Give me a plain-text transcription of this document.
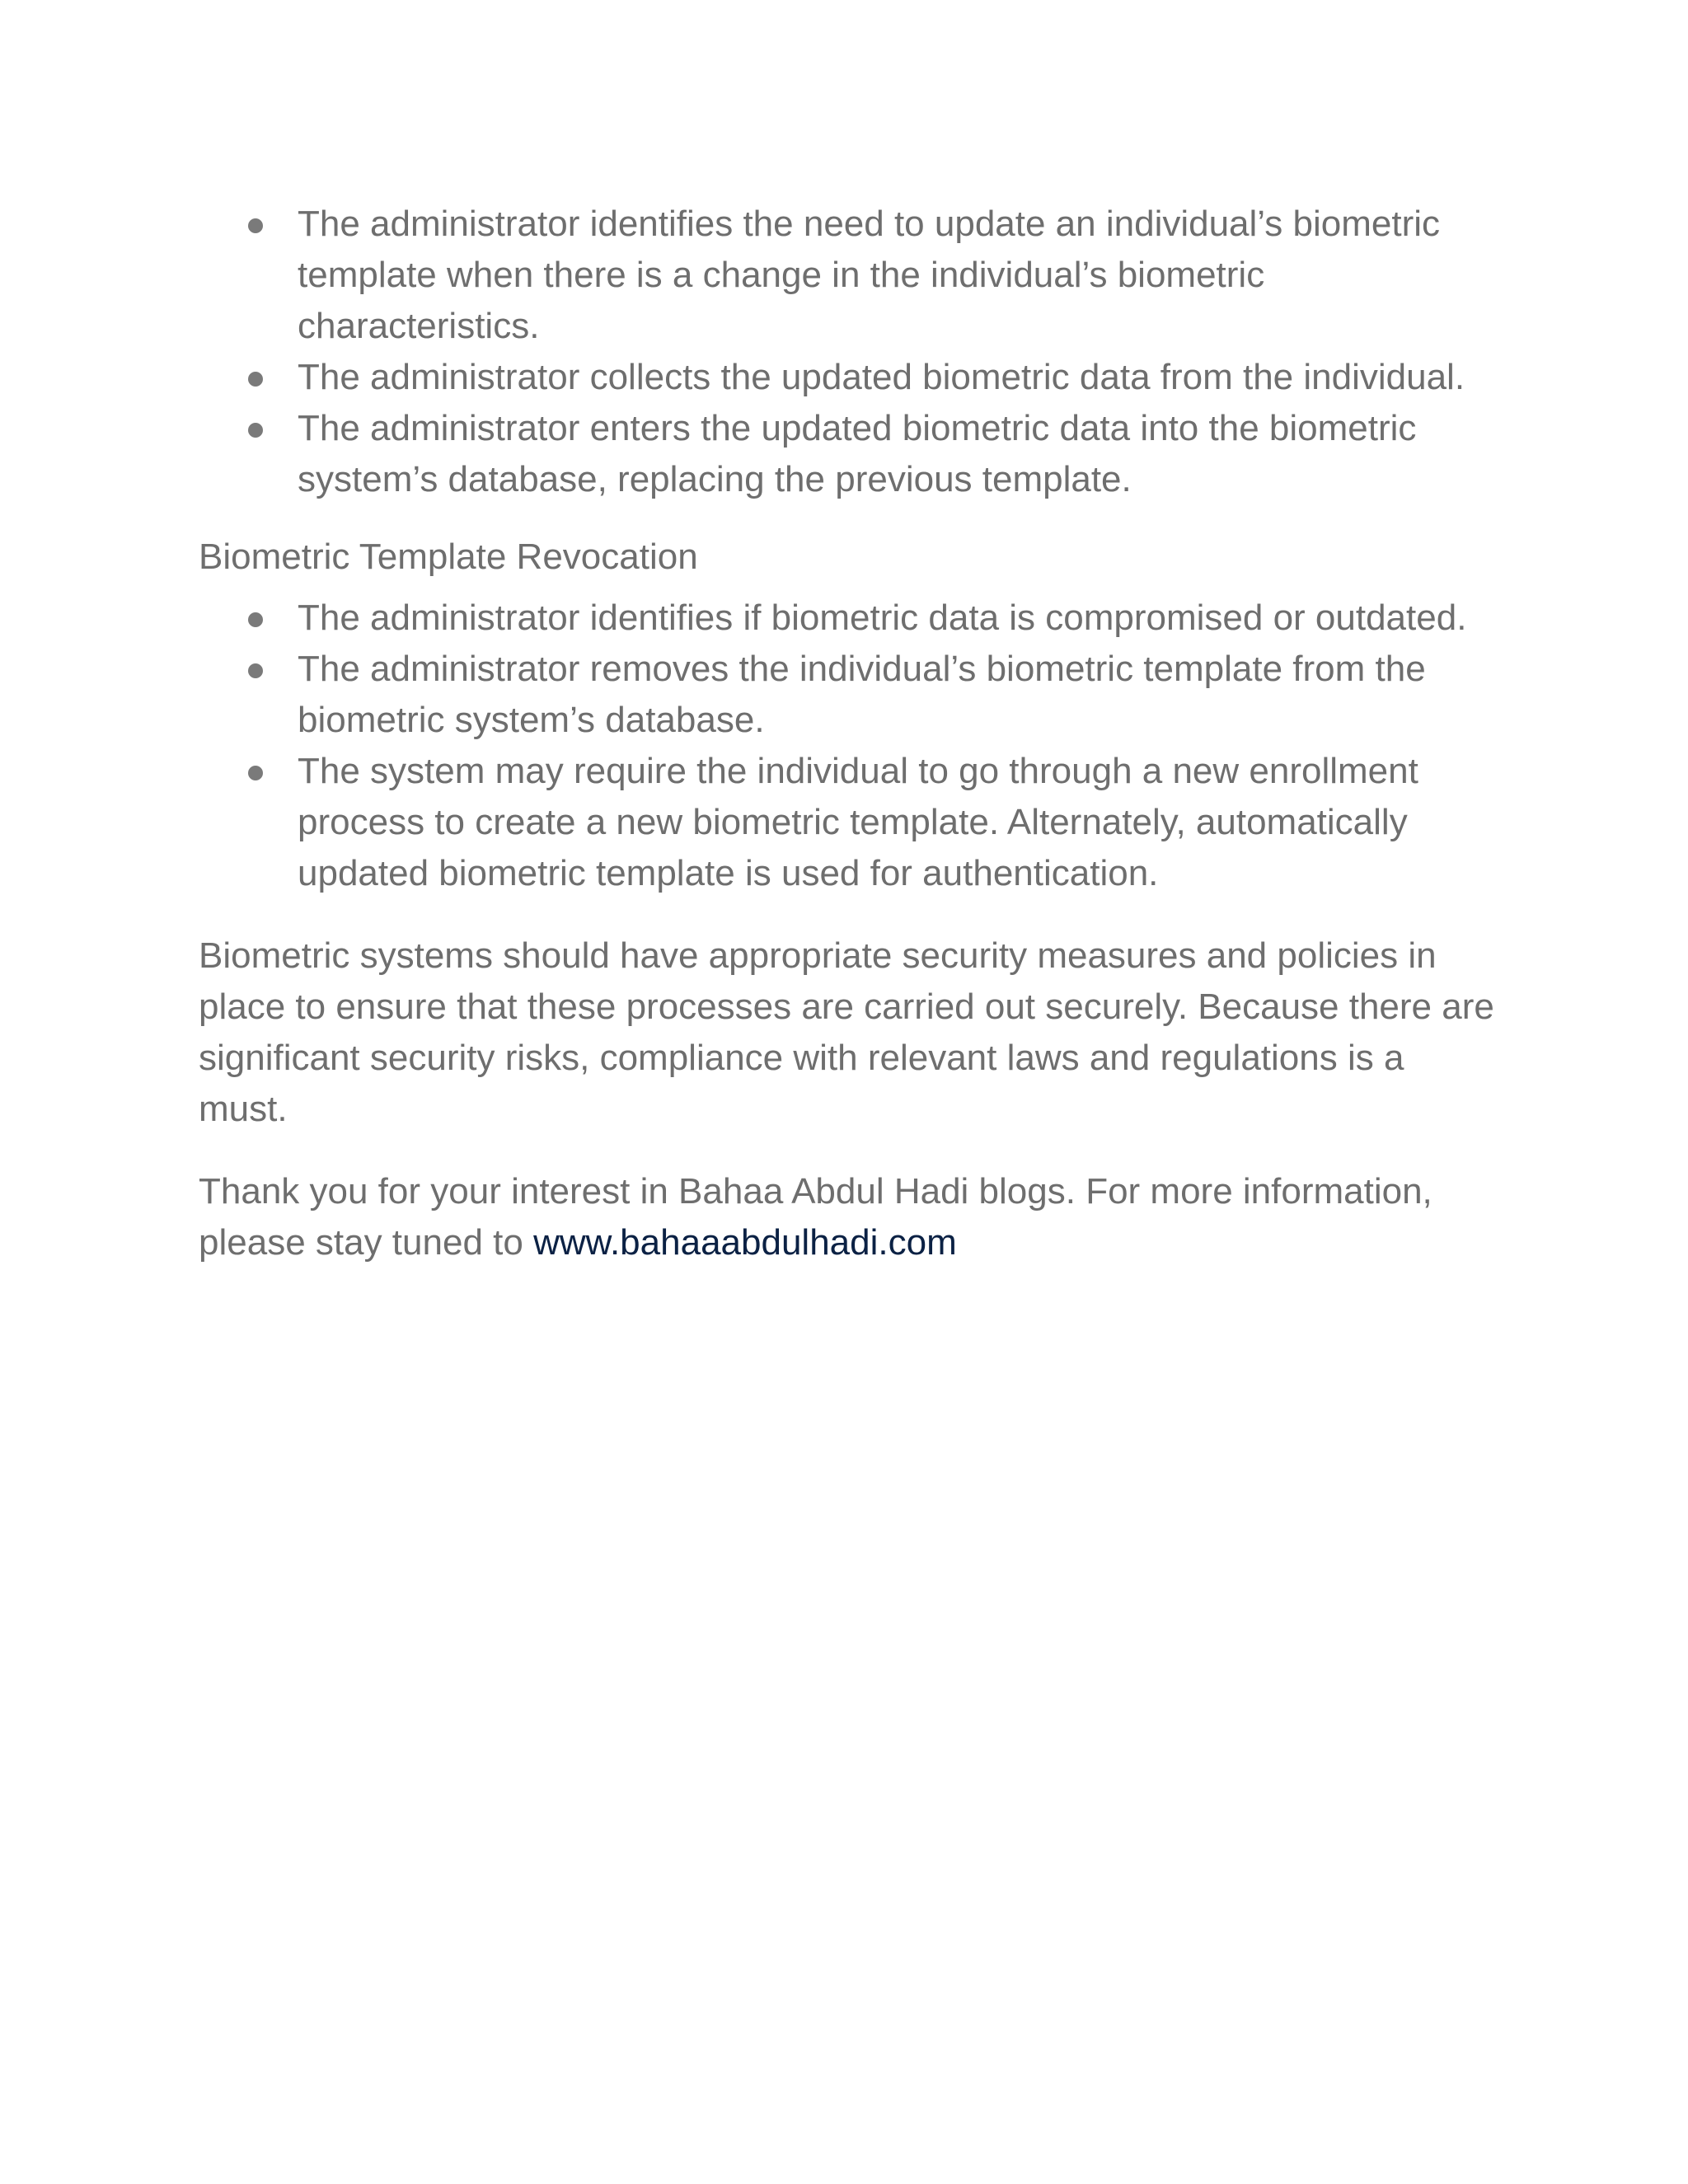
The administrator identifies the need to update an individual’s biometric template when there is a change in the individual’s biometric characteristics.
The administrator collects the updated biometric data from the individual.
The administrator enters the updated biometric data into the biometric system’s database, replacing the previous template.
Biometric Template Revocation
The administrator identifies if biometric data is compromised or outdated.
The administrator removes the individual’s biometric template from the biometric system’s database.
The system may require the individual to go through a new enrollment process to create a new biometric template. Alternately, automatically updated biometric template is used for authentication.

Biometric systems should have appropriate security measures and policies in place to ensure that these processes are carried out securely. Because there are significant security risks, compliance with relevant laws and regulations is a must.

Thank you for your interest in Bahaa Abdul Hadi blogs. For more information, please stay tuned to www.bahaaabdulhadi.com
